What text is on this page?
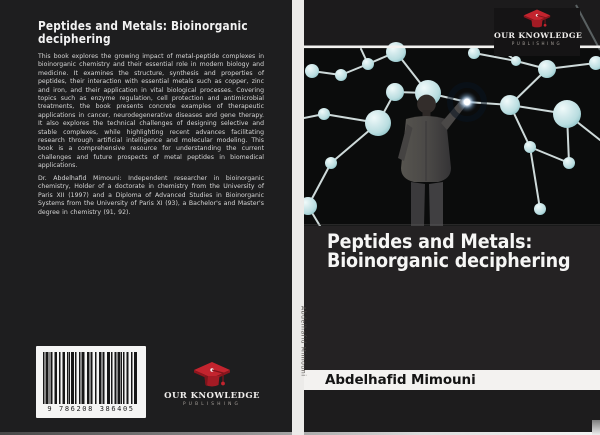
Peptides and Metals: Bioinorganic
deciphering
This book explores the growing impact of metal-peptide complexes in bioinorganic chemistry and their essential role in modern biology and medicine. It examines the structure, synthesis and properties of peptides, their interaction with essential metals such as copper, zinc and iron, and their application in vital biological processes. Covering topics such as enzyme regulation, cell protection and antimicrobial treatments, the book presents concrete examples of therapeutic applications in cancer, neurodegenerative diseases and gene therapy. It also explores the technical challenges of designing selective and stable complexes, while highlighting recent advances facilitating research through artificial intelligence and molecular modeling. This book is a comprehensive resource for understanding the current challenges and future prospects of metal peptides in biomedical applications.
Dr. Abdelhafid Mimouni: Independent researcher in bioinorganic chemistry, Holder of a doctorate in chemistry from the University of Paris XII (1997) and a Diploma of Advanced Studies in Bioinorganic Systems from the University of Paris XI (93), a Bachelor's and Master's degree in chemistry (91, 92).
9 786208 386405
OUR KNOWLEDGE
PUBLISHING
Abdelhafid Mimouni
OUR KNOWLEDGE
PUBLISHING
Peptides and Metals:
Bioinorganic deciphering
Abdelhafid Mimouni
